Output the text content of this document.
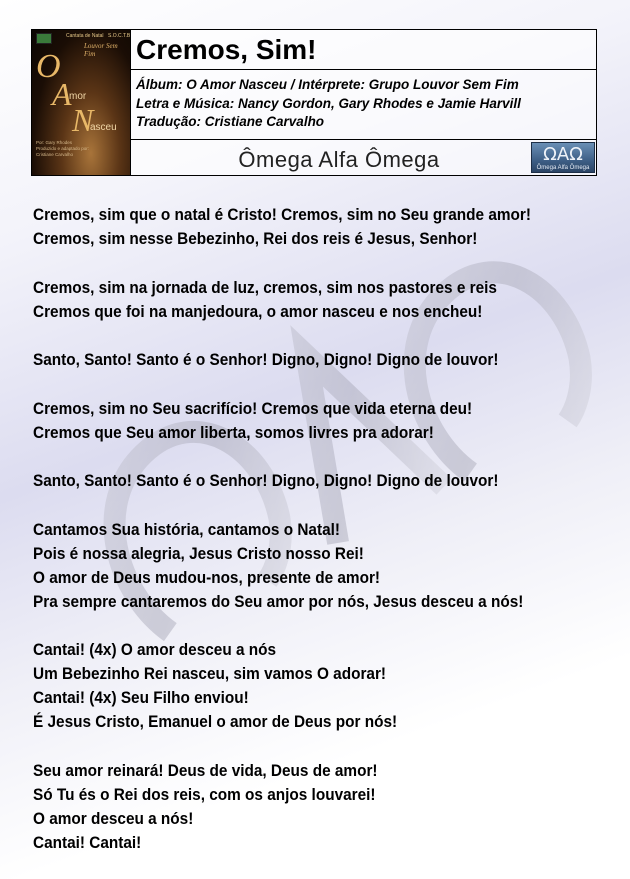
Cantata de Natal S.O.C.T.B
Louvor Sem Fim
O
A
mor
N
asceu
Por: Gary Rhodes
Produzido e adaptado por:
Cristiane Carvalho
Cremos, Sim!
Álbum: O Amor Nasceu / Intérprete: Grupo Louvor Sem Fim
Letra e Música: Nancy Gordon, Gary Rhodes e Jamie Harvill
Tradução: Cristiane Carvalho
Ômega Alfa Ômega	ΩAΩ
Ômega Alfa Ômega
Cremos, sim que o natal é Cristo! Cremos, sim no Seu grande amor!
Cremos, sim nesse Bebezinho, Rei dos reis é Jesus, Senhor!
Cremos, sim na jornada de luz, cremos, sim nos pastores e reis
Cremos que foi na manjedoura, o amor nasceu e nos encheu!
Santo, Santo! Santo é o Senhor! Digno, Digno! Digno de louvor!
Cremos, sim no Seu sacrifício! Cremos que vida eterna deu!
Cremos que Seu amor liberta, somos livres pra adorar!
Santo, Santo! Santo é o Senhor! Digno, Digno! Digno de louvor!
Cantamos Sua história, cantamos o Natal!
Pois é nossa alegria, Jesus Cristo nosso Rei!
O amor de Deus mudou-nos, presente de amor!
Pra sempre cantaremos do Seu amor por nós, Jesus desceu a nós!
Cantai! (4x) O amor desceu a nós
Um Bebezinho Rei nasceu, sim vamos O adorar!
Cantai! (4x) Seu Filho enviou!
É Jesus Cristo, Emanuel o amor de Deus por nós!
Seu amor reinará! Deus de vida, Deus de amor!
Só Tu és o Rei dos reis, com os anjos louvarei!
O amor desceu a nós!
Cantai! Cantai!
